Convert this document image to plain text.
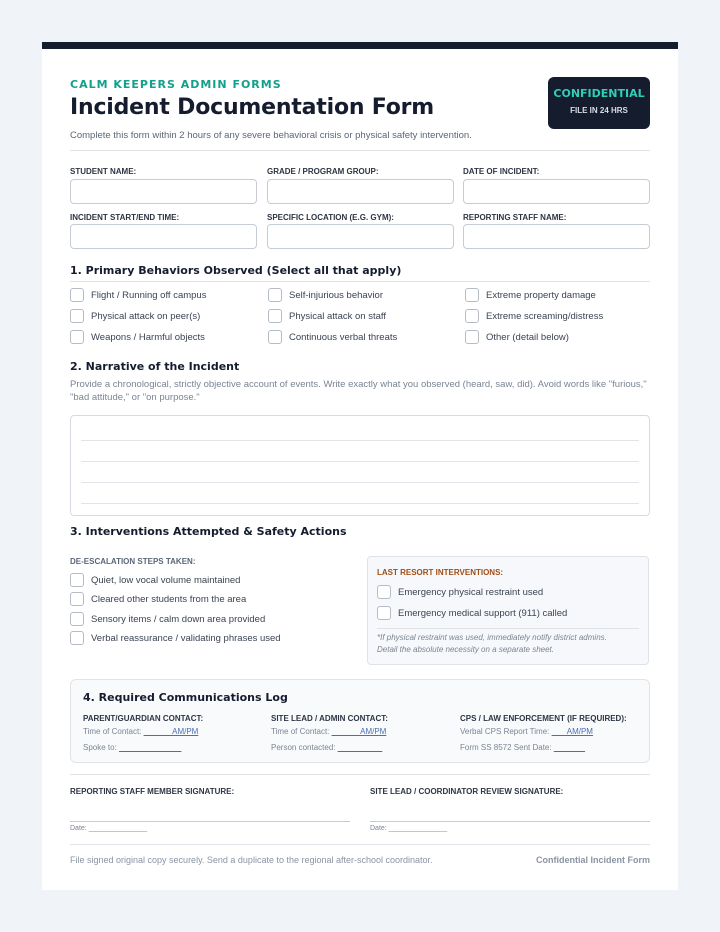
CALM KEEPERS ADMIN FORMS
Incident Documentation Form
Complete this form within 2 hours of any severe behavioral crisis or physical safety intervention.
CONFIDENTIAL
FILE IN 24 HRS
STUDENT NAME:	GRADE / PROGRAM GROUP:	DATE OF INCIDENT:
INCIDENT START/END TIME:	SPECIFIC LOCATION (E.G. GYM):	REPORTING STAFF NAME:
1. Primary Behaviors Observed (Select all that apply)
Flight / Running off campus	Self-injurious behavior	Extreme property damage
Physical attack on peer(s)	Physical attack on staff	Extreme screaming/distress
Weapons / Harmful objects	Continuous verbal threats	Other (detail below)
2. Narrative of the Incident
Provide a chronological, strictly objective account of events. Write exactly what you observed (heard, saw, did). Avoid words like "furious,"
"bad attitude," or "on purpose."
3. Interventions Attempted & Safety Actions
DE-ESCALATION STEPS TAKEN:
Quiet, low vocal volume maintained
Cleared other students from the area
Sensory items / calm down area provided
Verbal reassurance / validating phrases used
LAST RESORT INTERVENTIONS:
Emergency physical restraint used
Emergency medical support (911) called
*If physical restraint was used, immediately notify district admins.
Detail the absolute necessity on a separate sheet.
4. Required Communications Log
PARENT/GUARDIAN CONTACT:
Time of Contact: ______ AM/PM
Spoke to: ______________
SITE LEAD / ADMIN CONTACT:
Time of Contact: ______ AM/PM
Person contacted: __________
CPS / LAW ENFORCEMENT (IF REQUIRED):
Verbal CPS Report Time: ___ AM/PM
Form SS 8572 Sent Date: _______
REPORTING STAFF MEMBER SIGNATURE:
Date: _______________
SITE LEAD / COORDINATOR REVIEW SIGNATURE:
Date: _______________
File signed original copy securely. Send a duplicate to the regional after-school coordinator.	Confidential Incident Form
